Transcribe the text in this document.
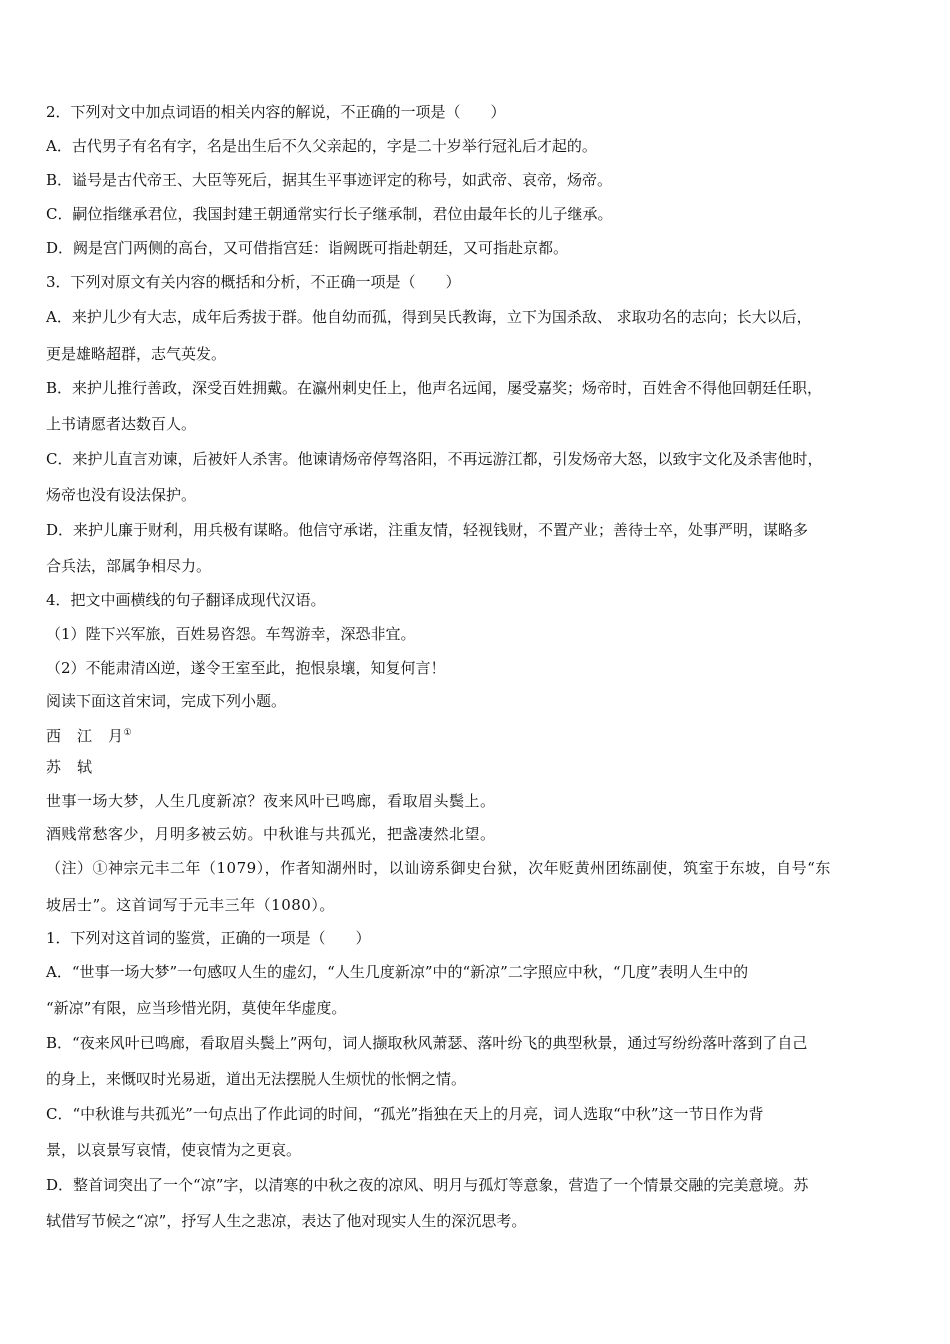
2．下列对文中加点词语的相关内容的解说，不正确的一项是（　　）
A．古代男子有名有字，名是出生后不久父亲起的，字是二十岁举行冠礼后才起的。
B．谥号是古代帝王、大臣等死后，据其生平事迹评定的称号，如武帝、哀帝，炀帝。
C．嗣位指继承君位，我国封建王朝通常实行长子继承制，君位由最年长的儿子继承。
D．阙是宫门两侧的高台，又可借指宫廷：诣阙既可指赴朝廷，又可指赴京都。
3．下列对原文有关内容的概括和分析，不正确一项是（　　）
A．来护儿少有大志，成年后秀拔于群。他自幼而孤，得到吴氏教诲，立下为国杀敌、 求取功名的志向；长大以后，
更是雄略超群，志气英发。
B．来护儿推行善政，深受百姓拥戴。在瀛州刺史任上，他声名远闻，屡受嘉奖；炀帝时，百姓舍不得他回朝廷任职，
上书请愿者达数百人。
C．来护儿直言劝谏，后被奸人杀害。他谏请炀帝停驾洛阳，不再远游江都，引发炀帝大怒，以致宇文化及杀害他时，
炀帝也没有设法保护。
D．来护儿廉于财利，用兵极有谋略。他信守承诺，注重友情，轻视钱财，不置产业；善待士卒，处事严明，谋略多
合兵法，部属争相尽力。
4．把文中画横线的句子翻译成现代汉语。
（1）陛下兴军旅，百姓易咨怨。车驾游幸，深恐非宜。
（2）不能肃清凶逆，遂令王室至此，抱恨泉壤，知复何言！
阅读下面这首宋词，完成下列小题。
西　江　月①
苏　轼
世事一场大梦，人生几度新凉？夜来风叶已鸣廊，看取眉头鬓上。
酒贱常愁客少，月明多被云妨。中秋谁与共孤光，把盏凄然北望。
（注）①神宗元丰二年（1079），作者知湖州时，以讪谤系御史台狱，次年贬黄州团练副使，筑室于东坡，自号“东
坡居士”。这首词写于元丰三年（1080）。
1．下列对这首词的鉴赏，正确的一项是（　　）
A．“世事一场大梦”一句感叹人生的虚幻，“人生几度新凉”中的“新凉”二字照应中秋，“几度”表明人生中的
“新凉”有限，应当珍惜光阴，莫使年华虚度。
B．“夜来风叶已鸣廊，看取眉头鬓上”两句，词人撷取秋风萧瑟、落叶纷飞的典型秋景，通过写纷纷落叶落到了自己
的身上，来慨叹时光易逝，道出无法摆脱人生烦忧的怅惘之情。
C．“中秋谁与共孤光”一句点出了作此词的时间，“孤光”指独在天上的月亮，词人选取“中秋”这一节日作为背
景，以哀景写哀情，使哀情为之更哀。
D．整首词突出了一个“凉”字，以清寒的中秋之夜的凉风、明月与孤灯等意象，营造了一个情景交融的完美意境。苏
轼借写节候之“凉”，抒写人生之悲凉，表达了他对现实人生的深沉思考。
